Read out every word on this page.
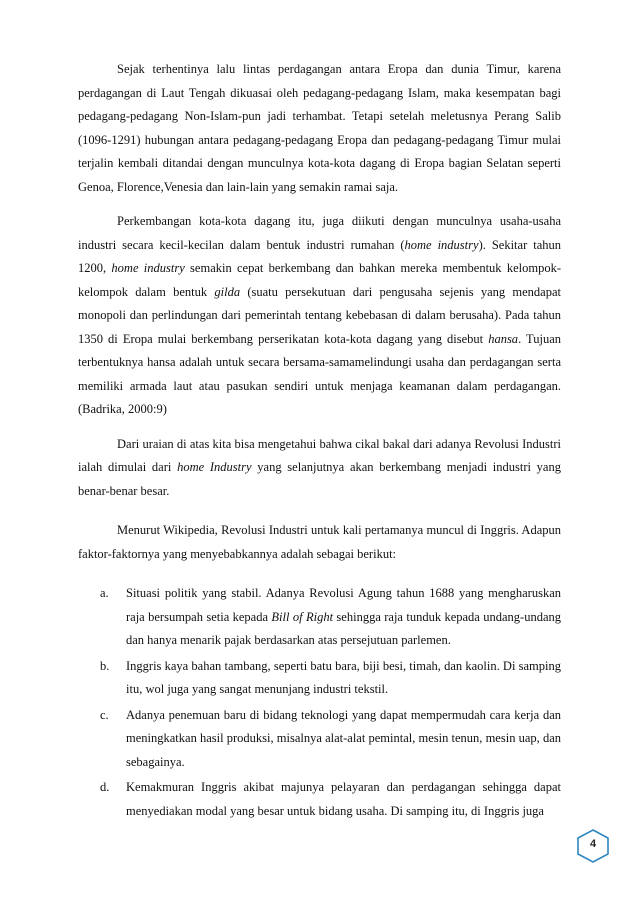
Sejak terhentinya lalu lintas perdagangan antara Eropa dan dunia Timur, karena perdagangan di Laut Tengah dikuasai oleh pedagang-pedagang Islam, maka kesempatan bagi pedagang-pedagang Non-Islam-pun jadi terhambat. Tetapi setelah meletusnya Perang Salib (1096-1291) hubungan antara pedagang-pedagang Eropa dan pedagang-pedagang Timur mulai terjalin kembali ditandai dengan munculnya kota-kota dagang di Eropa bagian Selatan seperti Genoa, Florence,Venesia dan lain-lain yang semakin ramai saja.

Perkembangan kota-kota dagang itu, juga diikuti dengan munculnya usaha-usaha industri secara kecil-kecilan dalam bentuk industri rumahan (home industry). Sekitar tahun 1200, home industry semakin cepat berkembang dan bahkan mereka membentuk kelompok-kelompok dalam bentuk gilda (suatu persekutuan dari pengusaha sejenis yang mendapat monopoli dan perlindungan dari pemerintah tentang kebebasan di dalam berusaha). Pada tahun 1350 di Eropa mulai berkembang perserikatan kota-kota dagang yang disebut hansa. Tujuan terbentuknya hansa adalah untuk secara bersama-samamelindungi usaha dan perdagangan serta memiliki armada laut atau pasukan sendiri untuk menjaga keamanan dalam perdagangan.(Badrika, 2000:9)

Dari uraian di atas kita bisa mengetahui bahwa cikal bakal dari adanya Revolusi Industri ialah dimulai dari home Industry yang selanjutnya akan berkembang menjadi industri yang benar-benar besar.

Menurut Wikipedia, Revolusi Industri untuk kali pertamanya muncul di Inggris. Adapun faktor-faktornya yang menyebabkannya adalah sebagai berikut:

a. Situasi politik yang stabil. Adanya Revolusi Agung tahun 1688 yang mengharuskan raja bersumpah setia kepada Bill of Right sehingga raja tunduk kepada undang-undang dan hanya menarik pajak berdasarkan atas persejutuan parlemen.
b. Inggris kaya bahan tambang, seperti batu bara, biji besi, timah, dan kaolin. Di samping itu, wol juga yang sangat menunjang industri tekstil.
c. Adanya penemuan baru di bidang teknologi yang dapat mempermudah cara kerja dan meningkatkan hasil produksi, misalnya alat-alat pemintal, mesin tenun, mesin uap, dan sebagainya.
d. Kemakmuran Inggris akibat majunya pelayaran dan perdagangan sehingga dapat menyediakan modal yang besar untuk bidang usaha. Di samping itu, di Inggris juga
4
